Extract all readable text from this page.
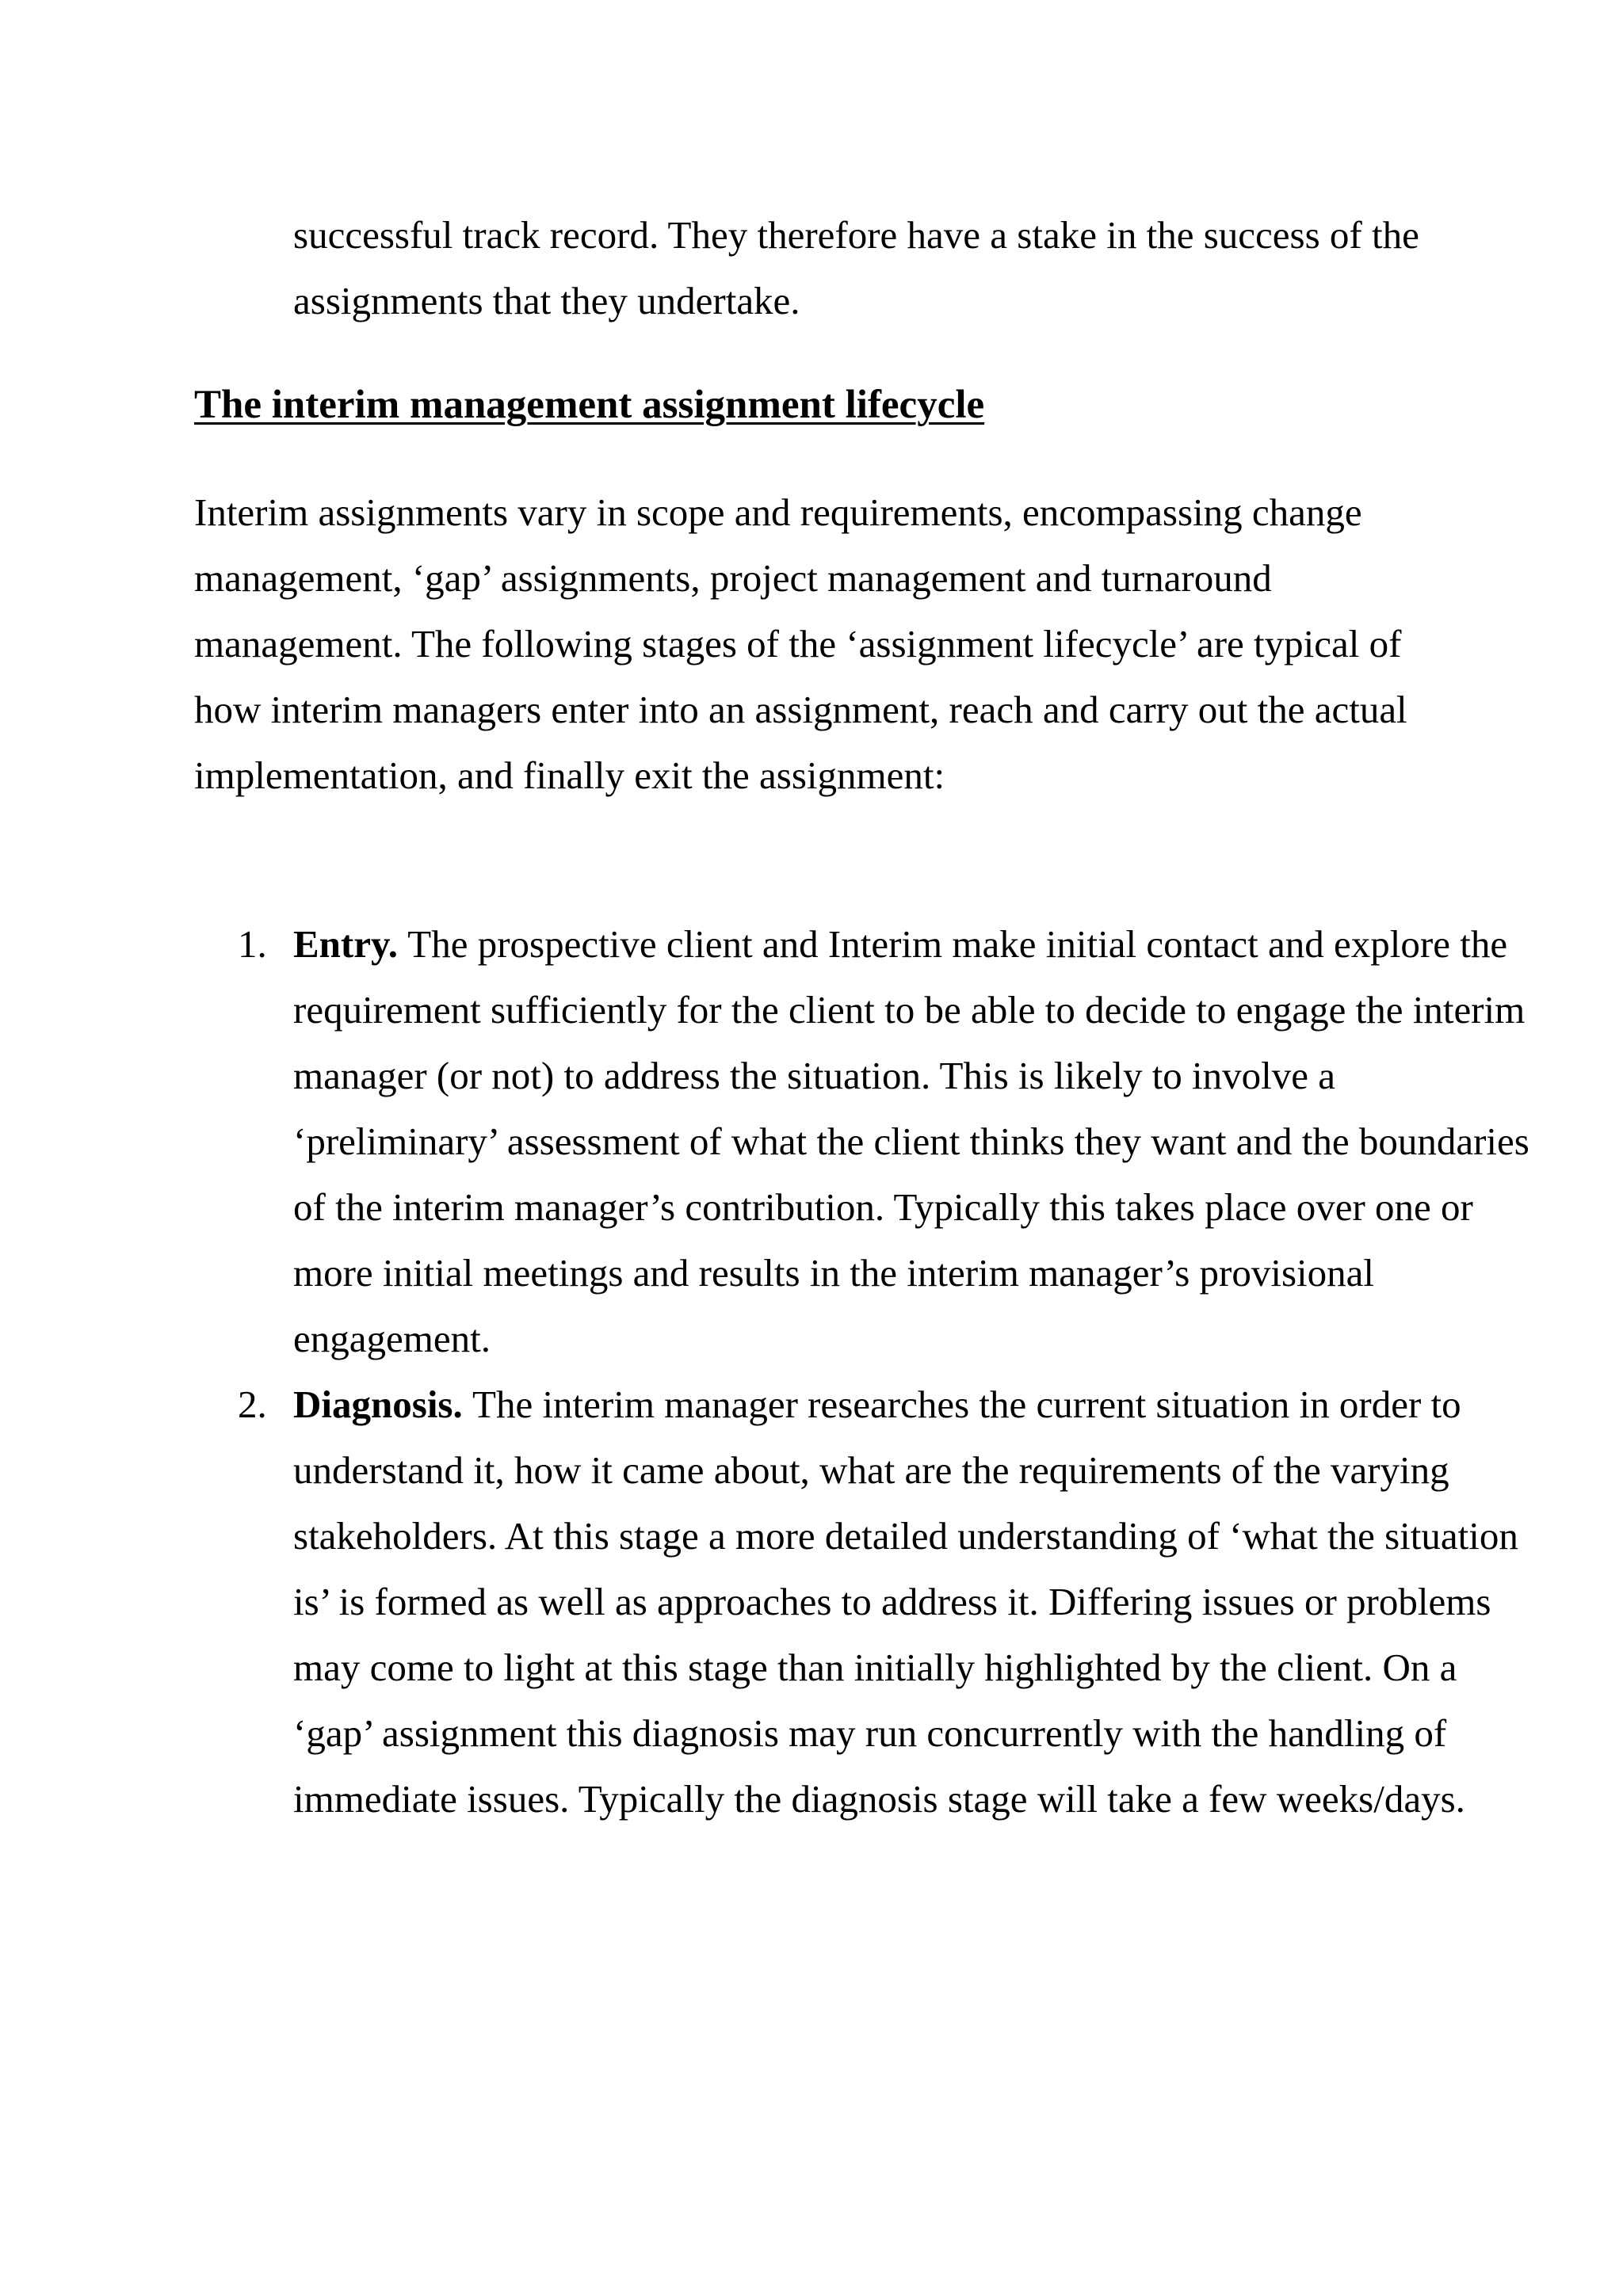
successful track record. They therefore have a stake in the success of the assignments that they undertake.

The interim management assignment lifecycle

Interim assignments vary in scope and requirements, encompassing change management, ‘gap’ assignments, project management and turnaround management. The following stages of the ‘assignment lifecycle’ are typical of how interim managers enter into an assignment, reach and carry out the actual implementation, and finally exit the assignment:

1. Entry. The prospective client and Interim make initial contact and explore the requirement sufficiently for the client to be able to decide to engage the interim manager (or not) to address the situation. This is likely to involve a ‘preliminary’ assessment of what the client thinks they want and the boundaries of the interim manager’s contribution. Typically this takes place over one or more initial meetings and results in the interim manager’s provisional engagement.
2. Diagnosis. The interim manager researches the current situation in order to understand it, how it came about, what are the requirements of the varying stakeholders. At this stage a more detailed understanding of ‘what the situation is’ is formed as well as approaches to address it. Differing issues or problems may come to light at this stage than initially highlighted by the client. On a ‘gap’ assignment this diagnosis may run concurrently with the handling of immediate issues. Typically the diagnosis stage will take a few weeks/days.
